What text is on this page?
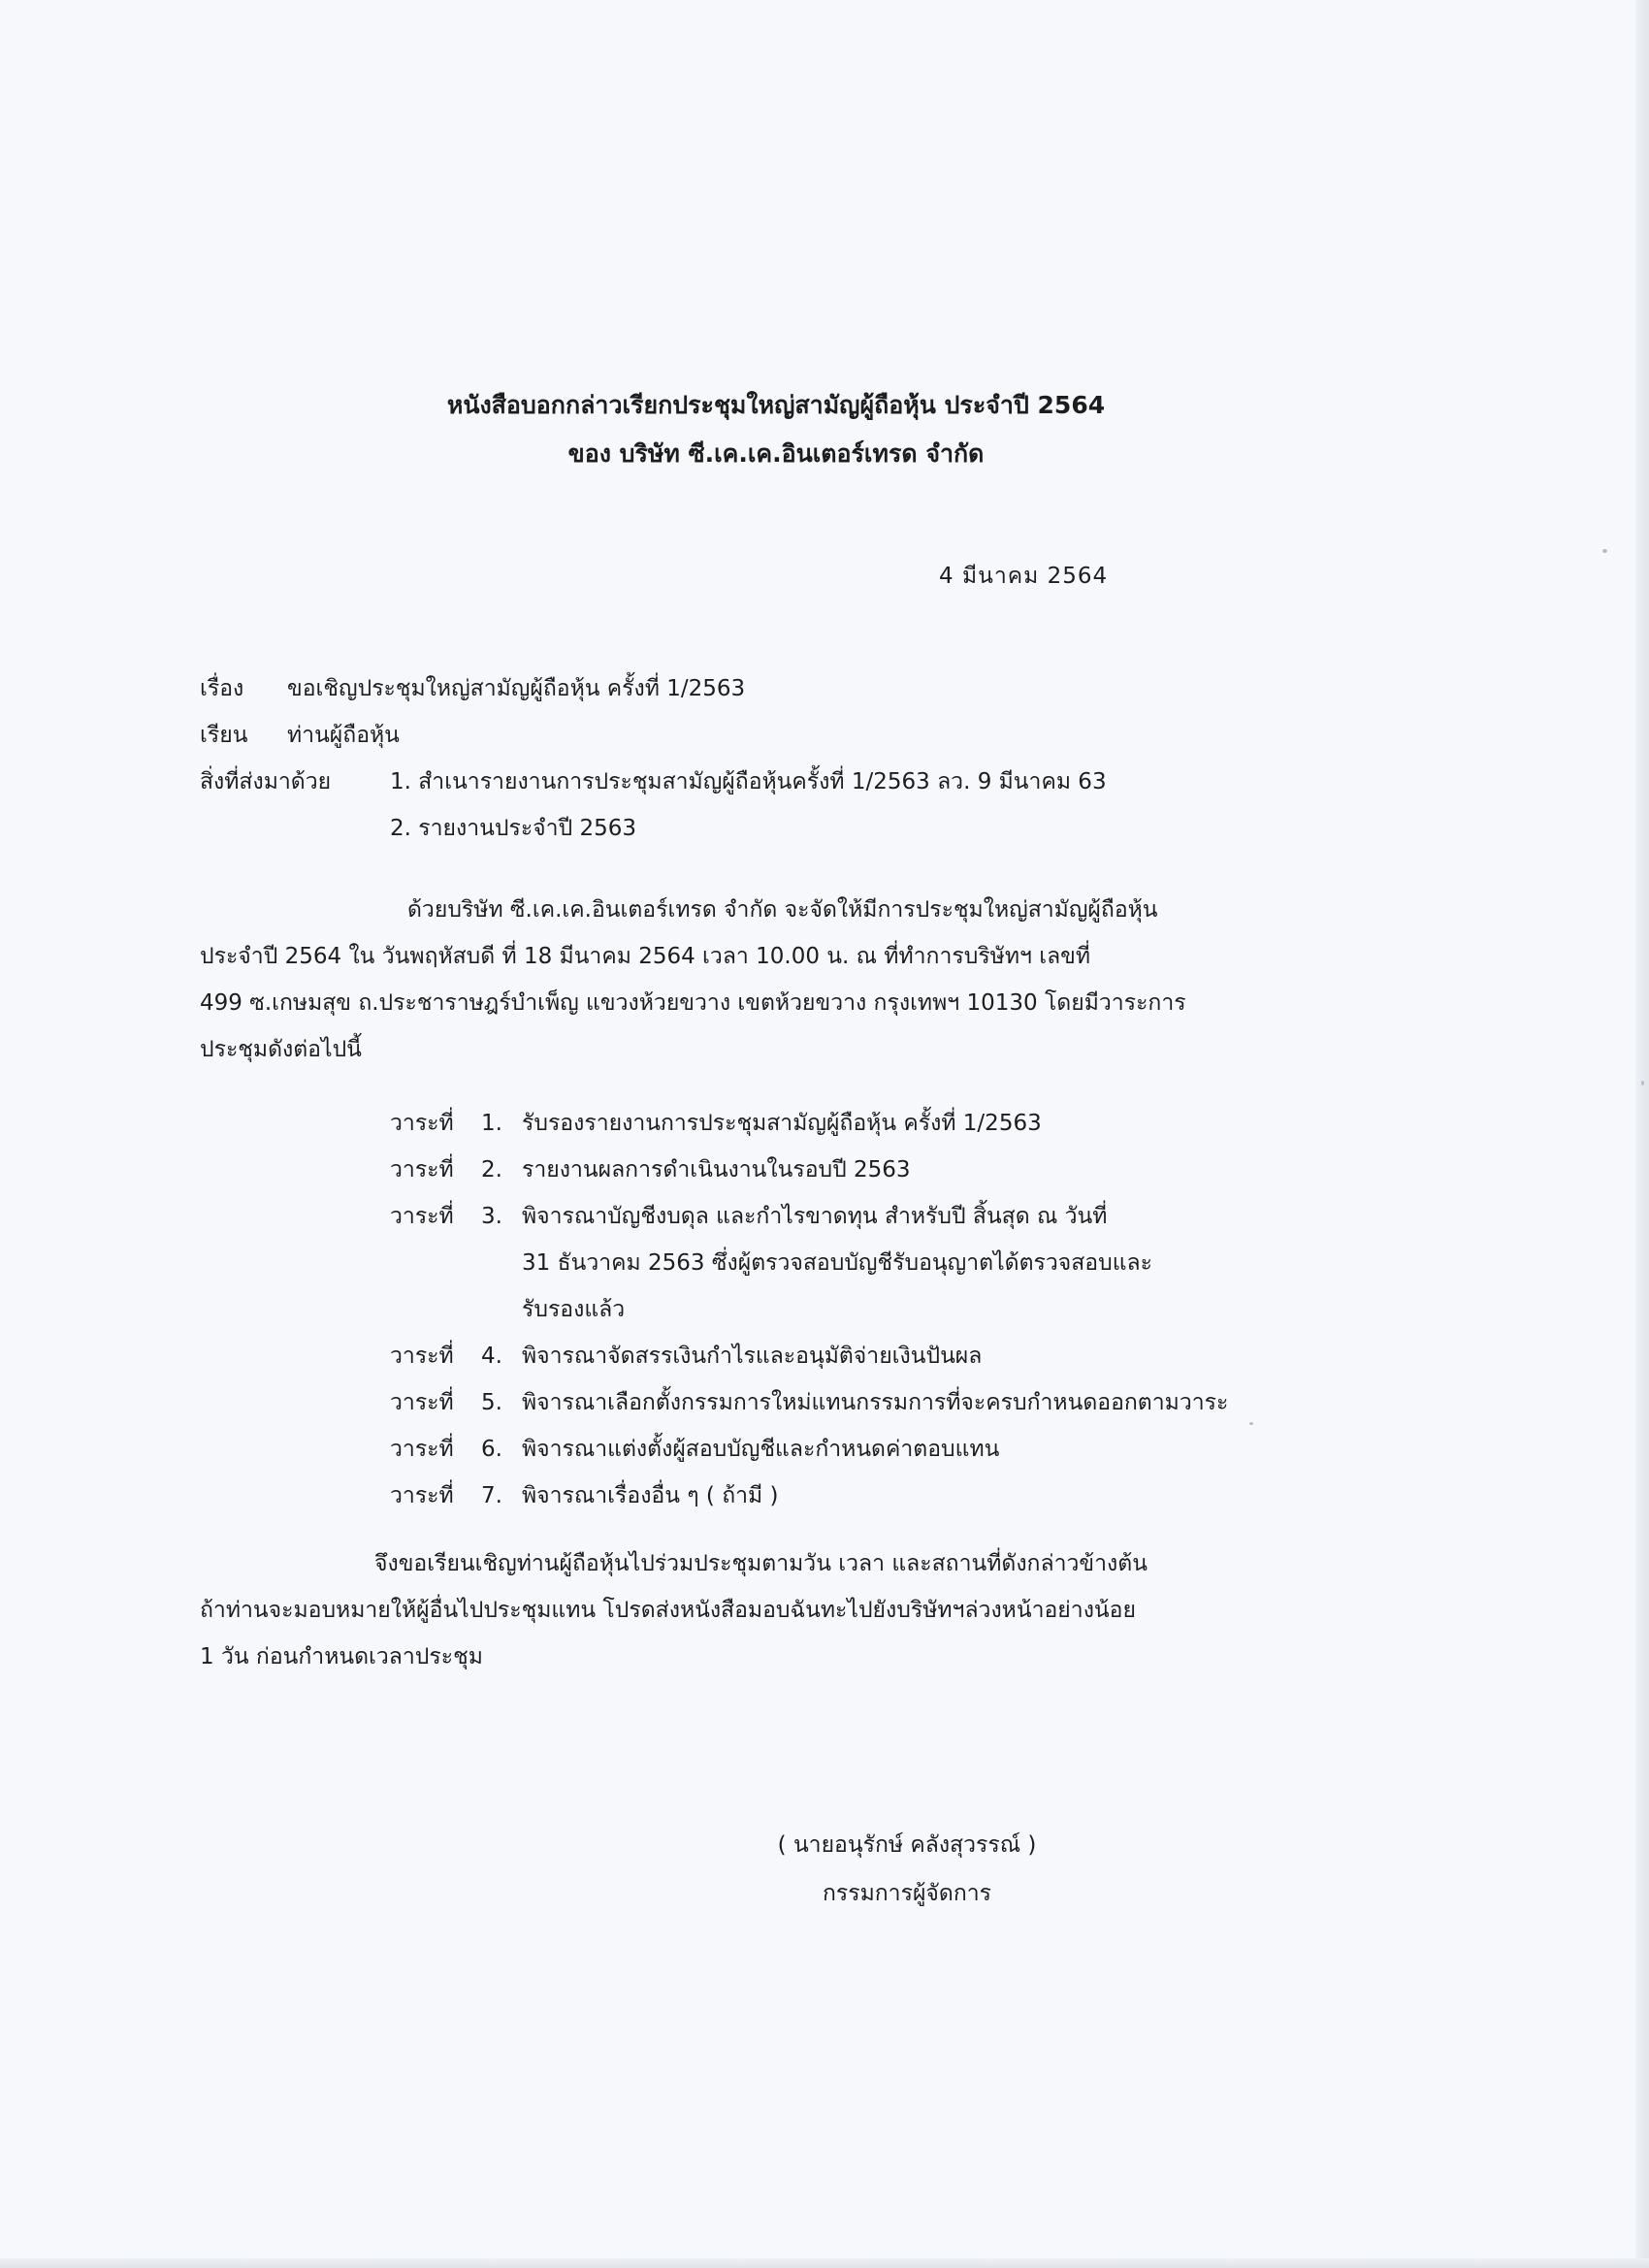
หนังสือบอกกล่าวเรียกประชุมใหญ่สามัญผู้ถือหุ้น ประจำปี 2564
ของ บริษัท ซี.เค.เค.อินเตอร์เทรด จำกัด
4 มีนาคม 2564
เรื่อง ขอเชิญประชุมใหญ่สามัญผู้ถือหุ้น ครั้งที่ 1/2563
เรียน ท่านผู้ถือหุ้น
สิ่งที่ส่งมาด้วย	1. สำเนารายงานการประชุมสามัญผู้ถือหุ้นครั้งที่ 1/2563 ลว. 9 มีนาคม 63
2. รายงานประจำปี 2563
ด้วยบริษัท ซี.เค.เค.อินเตอร์เทรด จำกัด จะจัดให้มีการประชุมใหญ่สามัญผู้ถือหุ้น
ประจำปี 2564 ใน วันพฤหัสบดี ที่ 18 มีนาคม 2564 เวลา 10.00 น. ณ ที่ทำการบริษัทฯ เลขที่
499 ซ.เกษมสุข ถ.ประชาราษฎร์บำเพ็ญ แขวงห้วยขวาง เขตห้วยขวาง กรุงเทพฯ 10130 โดยมีวาระการ
ประชุมดังต่อไปนี้
วาระที่	1. รับรองรายงานการประชุมสามัญผู้ถือหุ้น ครั้งที่ 1/2563
วาระที่	2. รายงานผลการดำเนินงานในรอบปี 2563
วาระที่	3. พิจารณาบัญชีงบดุล และกำไรขาดทุน สำหรับปี สิ้นสุด ณ วันที่
31 ธันวาคม 2563 ซึ่งผู้ตรวจสอบบัญชีรับอนุญาตได้ตรวจสอบและ
รับรองแล้ว
วาระที่	4. พิจารณาจัดสรรเงินกำไรและอนุมัติจ่ายเงินปันผล
วาระที่	5. พิจารณาเลือกตั้งกรรมการใหม่แทนกรรมการที่จะครบกำหนดออกตามวาระ
วาระที่	6. พิจารณาแต่งตั้งผู้สอบบัญชีและกำหนดค่าตอบแทน
วาระที่	7. พิจารณาเรื่องอื่น ๆ ( ถ้ามี )
จึงขอเรียนเชิญท่านผู้ถือหุ้นไปร่วมประชุมตามวัน เวลา และสถานที่ดังกล่าวข้างต้น
ถ้าท่านจะมอบหมายให้ผู้อื่นไปประชุมแทน โปรดส่งหนังสือมอบฉันทะไปยังบริษัทฯล่วงหน้าอย่างน้อย
1 วัน ก่อนกำหนดเวลาประชุม
( นายอนุรักษ์ คลังสุวรรณ์ )
กรรมการผู้จัดการ
